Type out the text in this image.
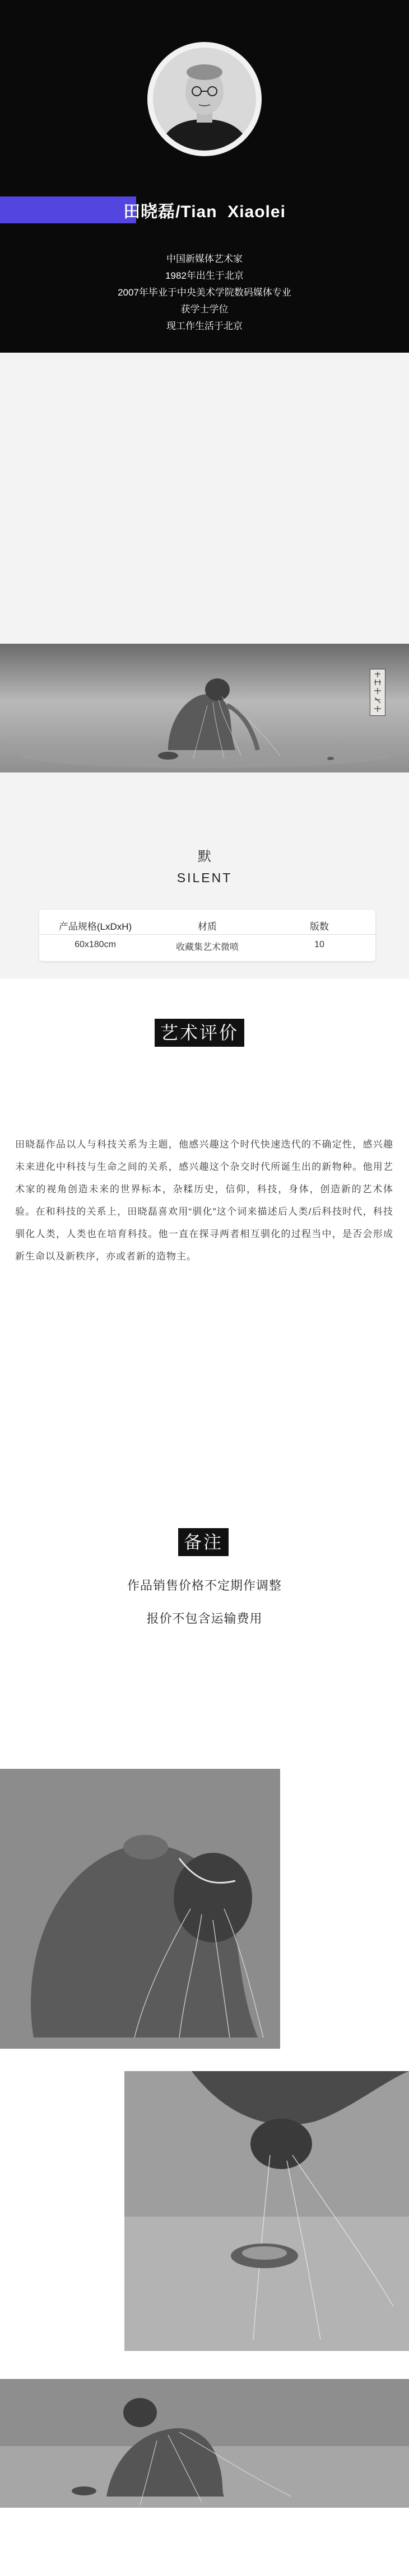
田晓磊/Tian  Xiaolei
中国新媒体艺术家
1982年出生于北京
2007年毕业于中央美术学院数码媒体专业
获学士学位
现工作生活于北京
默
SILENT
产品规格(LxDxH)	材质	版数
60x180cm	收藏集艺术微喷	10
艺术评价
田晓磊作品以人与科技关系为主题，他感兴趣这个时代快速迭代的不确定性，感兴趣未来进化中科技与生命之间的关系，感兴趣这个杂交时代所诞生出的新物种。他用艺术家的视角创造未来的世界标本，杂糅历史，信仰，科技，身体，创造新的艺术体验。在和科技的关系上，田晓磊喜欢用“驯化”这个词来描述后人类/后科技时代，科技驯化人类，人类也在培育科技。他一直在探寻两者相互驯化的过程当中，是否会形成新生命以及新秩序，亦或者新的造物主。
备注
作品销售价格不定期作调整
报价不包含运输费用
